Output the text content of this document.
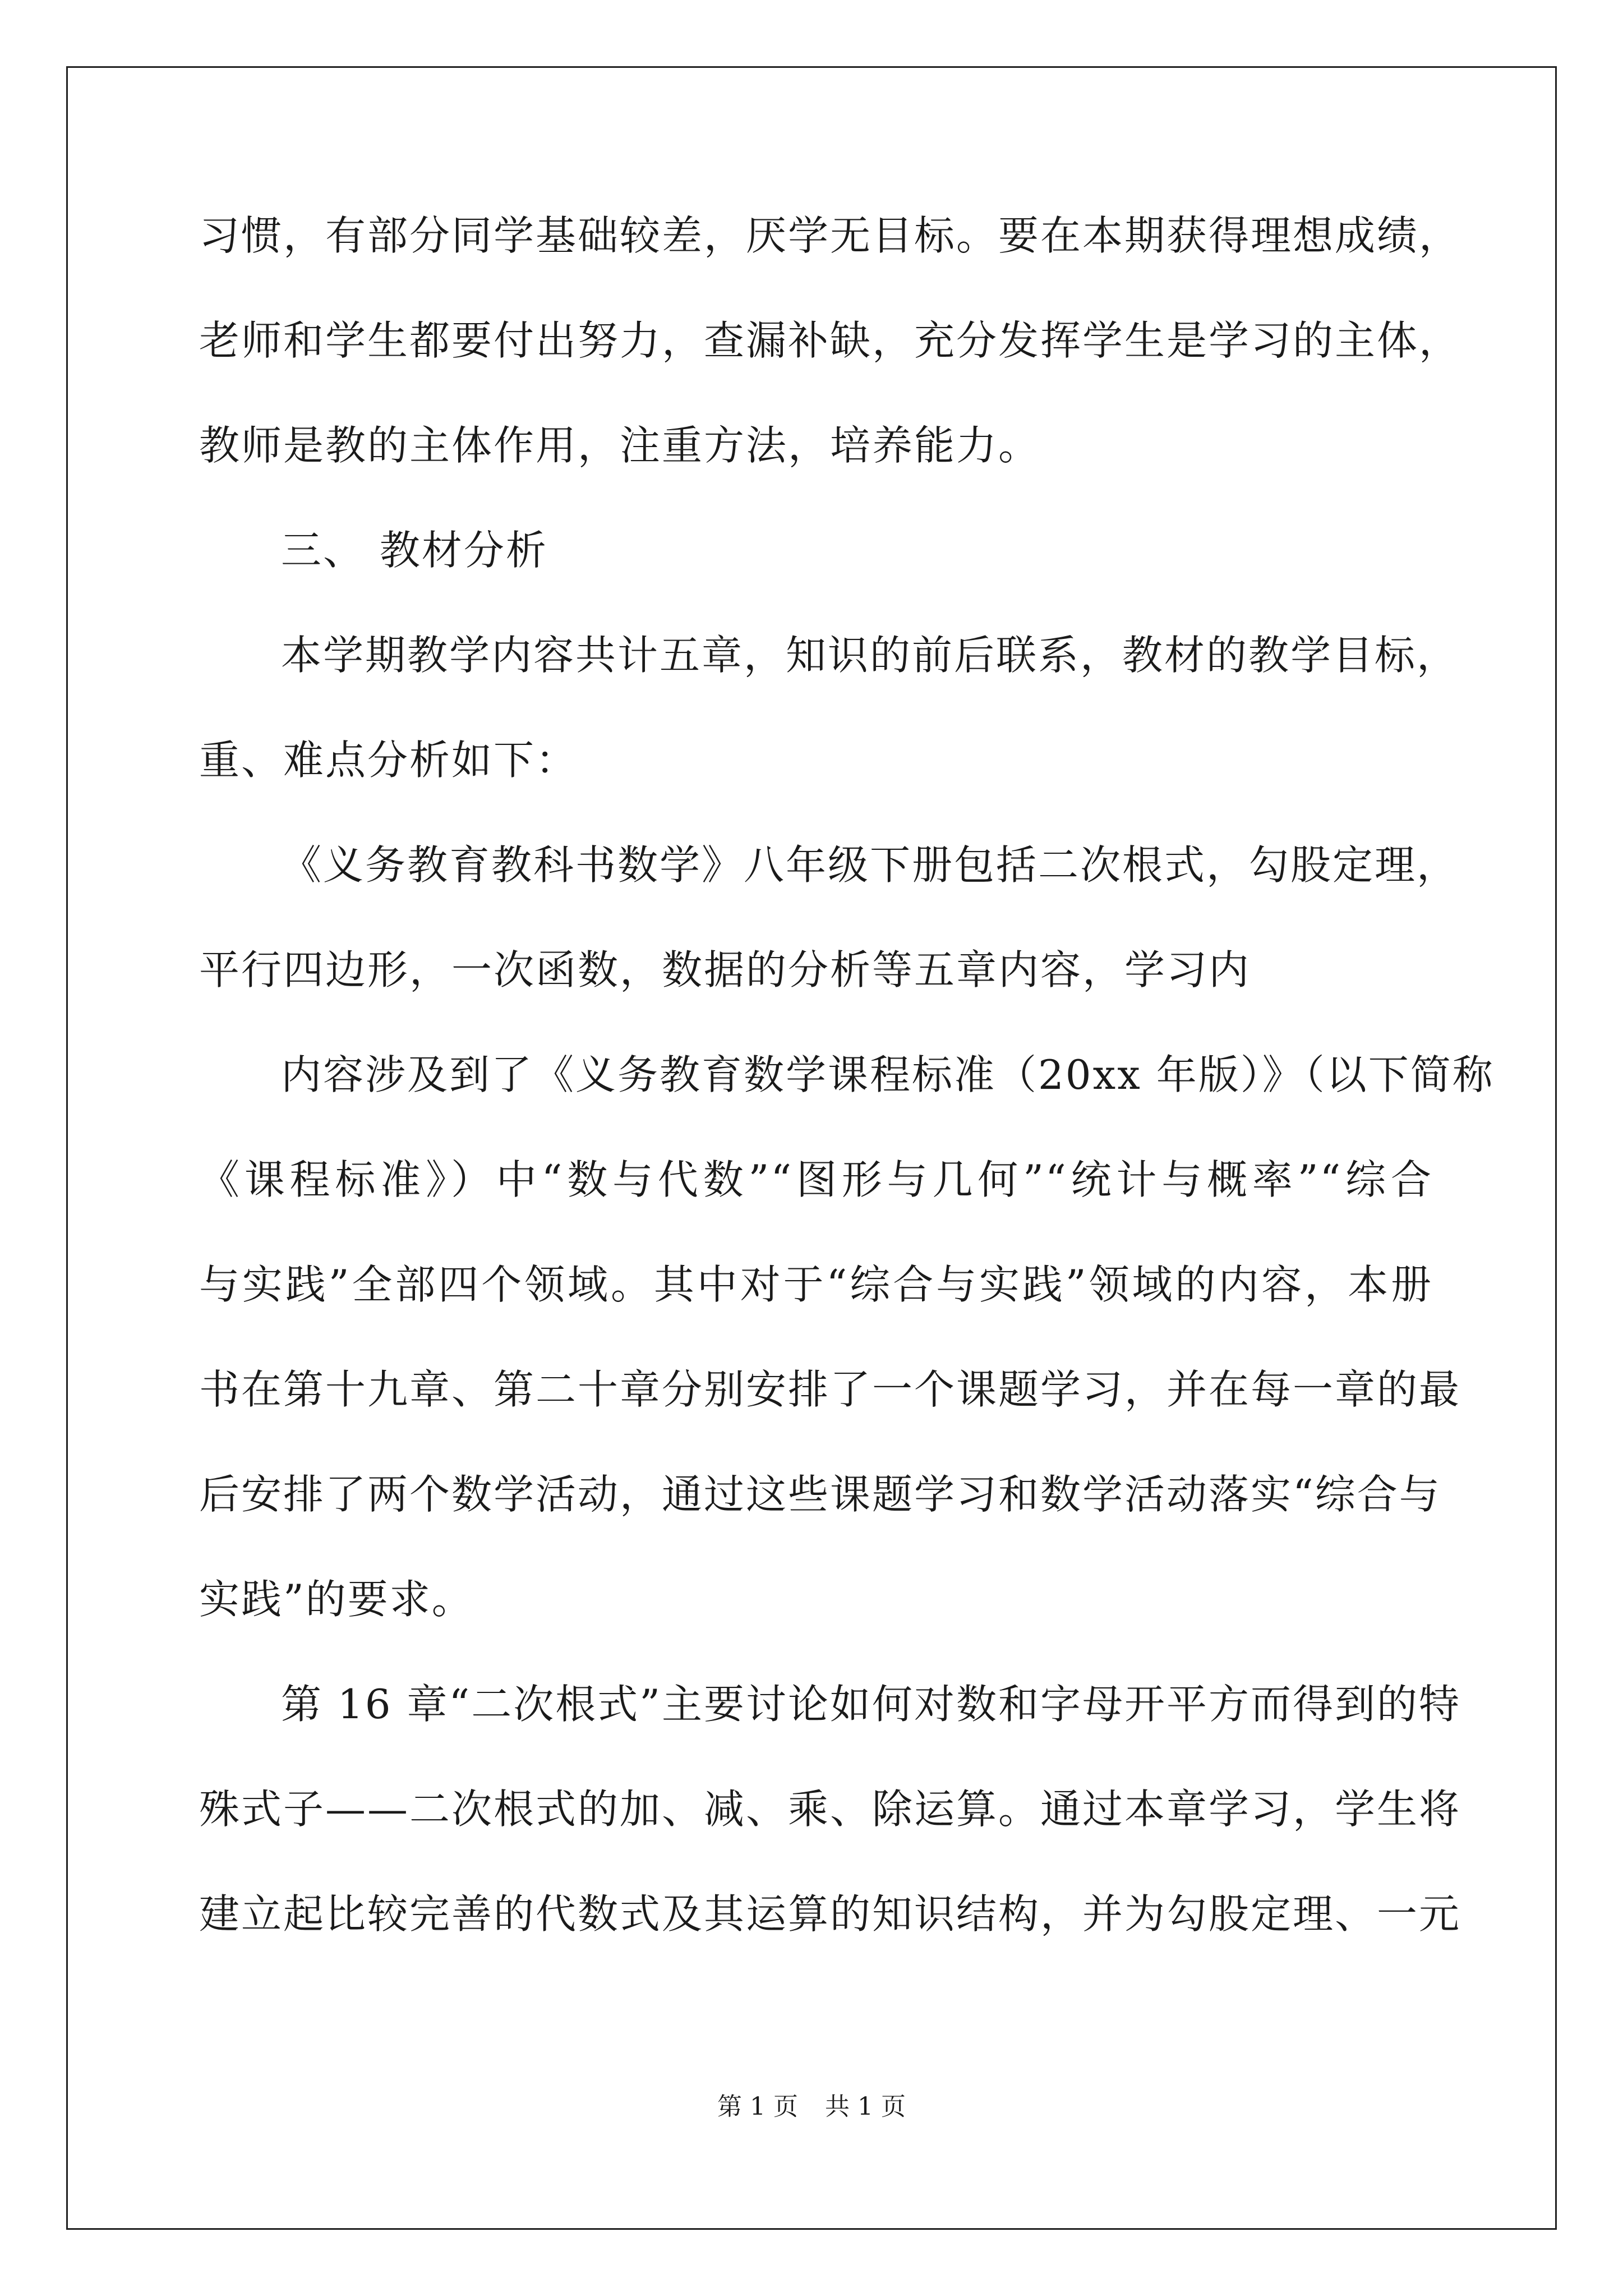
习惯，有部分同学基础较差，厌学无目标。要在本期获得理想成绩，
老师和学生都要付出努力，查漏补缺，充分发挥学生是学习的主体，
教师是教的主体作用，注重方法，培养能力。
三、 教材分析
本学期教学内容共计五章，知识的前后联系，教材的教学目标，
重、难点分析如下：
《义务教育教科书数学》八年级下册包括二次根式，勾股定理，
平行四边形，一次函数，数据的分析等五章内容，学习内
内容涉及到了《义务教育数学课程标准（20xx 年版）》（以下简称
《课程标准》）中“数与代数”“图形与几何”“统计与概率”“综合
与实践”全部四个领域。其中对于“综合与实践”领域的内容，本册
书在第十九章、第二十章分别安排了一个课题学习，并在每一章的最
后安排了两个数学活动，通过这些课题学习和数学活动落实“综合与
实践”的要求。
第 16 章“二次根式”主要讨论如何对数和字母开平方而得到的特
殊式子——二次根式的加、减、乘、除运算。通过本章学习，学生将
建立起比较完善的代数式及其运算的知识结构，并为勾股定理、一元
第 1 页 共 1 页
